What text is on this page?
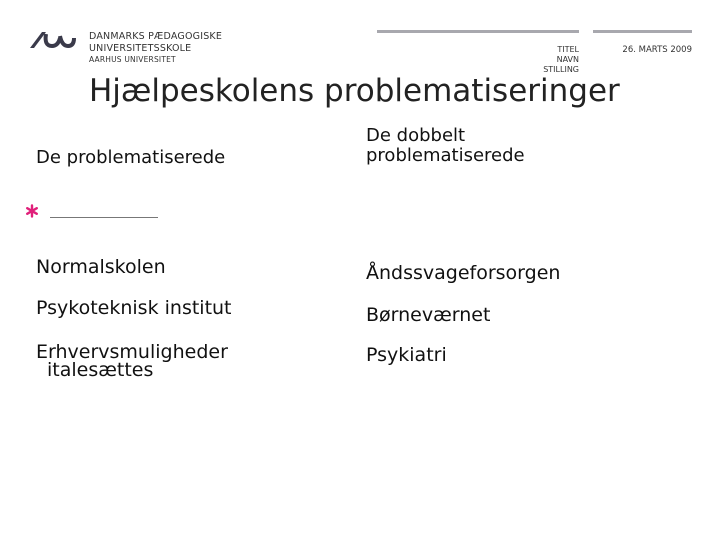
DANMARKS PÆDAGOGISKE
UNIVERSITETSSKOLE
AARHUS UNIVERSITET
TITEL
NAVN
STILLING
26. MARTS 2009
Hjælpeskolens problematiseringer
De problematiserede
De dobbelt
problematiserede
Normalskolen
Psykoteknisk institut
Erhvervsmuligheder
italesættes
Åndssvageforsorgen
Børneværnet
Psykiatri
